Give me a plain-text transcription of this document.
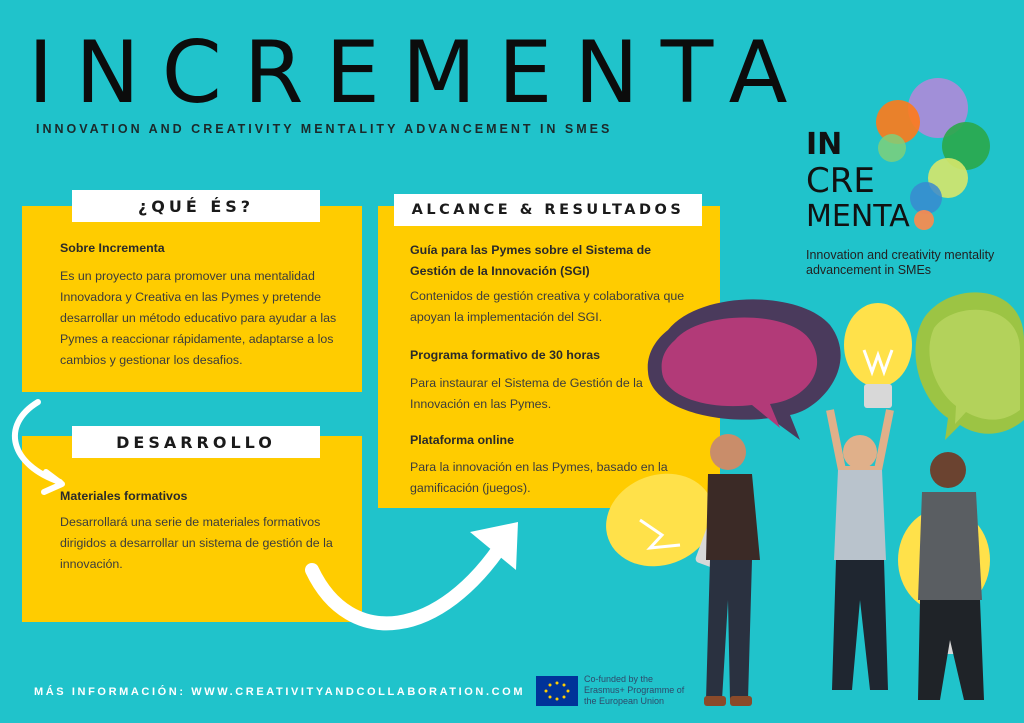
INCREMENTA
INNOVATION AND CREATIVITY MENTALITY ADVANCEMENT IN SMES
¿QUÉ ÉS?
DESARROLLO
ALCANCE & RESULTADOS
Sobre Incrementa
Es un proyecto para promover una mentalidad Innovadora y Creativa en las Pymes y pretende desarrollar un método educativo para ayudar a las Pymes a reaccionar rápidamente, adaptarse a los cambios y gestionar los desafios.
Materiales formativos
Desarrollará una serie de materiales formativos dirigidos a desarrollar un sistema de gestión de la innovación.
Guía para las Pymes sobre el Sistema de Gestión de la Innovación (SGI)
Contenidos de gestión creativa y colaborativa que apoyan la implementación del SGI.
Programa formativo de 30 horas
Para instaurar el Sistema de Gestión de la Innovación en las Pymes.
Plataforma online
Para la innovación en las Pymes, basado en la gamificación (juegos).
IN
CRE
MENTA
Innovation and creativity mentality advancement in SMEs
MÁS INFORMACIÓN: WWW.CREATIVITYANDCOLLABORATION.COM
Co-funded by the Erasmus+ Programme of the European Union
